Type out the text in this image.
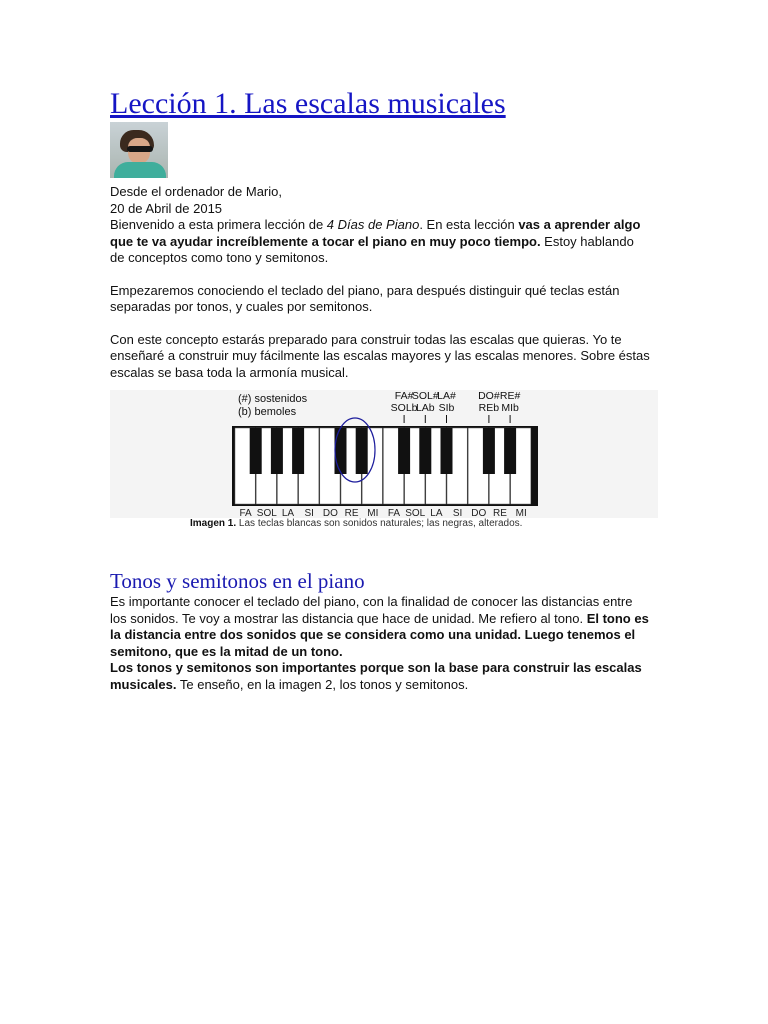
Lección 1. Las escalas musicales

Desde el ordenador de Mario,

20 de Abril de 2015

Bienvenido a esta primera lección de 4 Días de Piano. En esta lección vas a aprender algo que te va ayudar increíblemente a tocar el piano en muy poco tiempo. Estoy hablando de conceptos como tono y semitonos.

Empezaremos conociendo el teclado del piano, para después distinguir qué teclas están separadas por tonos, y cuales por semitonos.

Con este concepto estarás preparado para construir todas las escalas que quieras. Yo te enseñaré a construir muy fácilmente las escalas mayores y las escalas menores. Sobre éstas escalas se basa toda la armonía musical.

(#) sostenidos
(b) bemoles
FA#
SOL#
LA# DO# RE#
SOLb
LAb SIb REb MIb
FA SOL LA SI DO RE MI FA SOL LA SI DO RE MI
Imagen 1. Las teclas blancas son sonidos naturales; las negras, alterados.
Tonos y semitonos en el piano

Es importante conocer el teclado del piano, con la finalidad de conocer las distancias entre los sonidos. Te voy a mostrar las distancia que hace de unidad. Me refiero al tono. El tono es la distancia entre dos sonidos que se considera como una unidad. Luego tenemos el semitono, que es la mitad de un tono.

Los tonos y semitonos son importantes porque son la base para construir las escalas musicales. Te enseño, en la imagen 2, los tonos y semitonos.
